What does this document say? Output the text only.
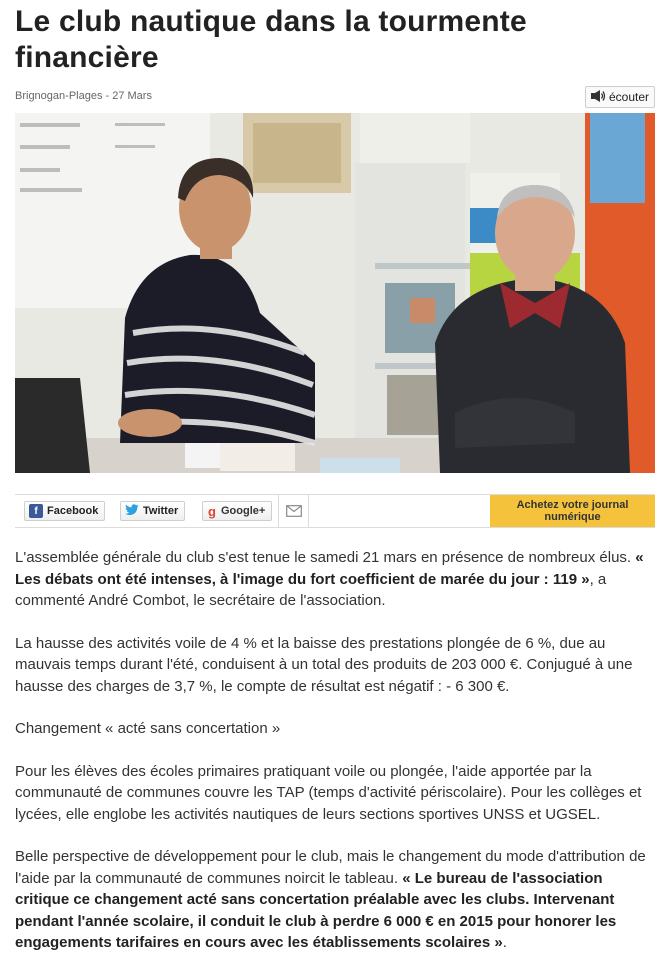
Le club nautique dans la tourmente financière
Brignogan-Plages - 27 Mars	écouter
f Facebook	Twitter g Google+	Achetez votre journal numérique

L'assemblée générale du club s'est tenue le samedi 21 mars en présence de nombreux élus. « Les débats ont été intenses, à l'image du fort coefficient de marée du jour : 119 », a commenté André Combot, le secrétaire de l'association.

La hausse des activités voile de 4 % et la baisse des prestations plongée de 6 %, due au mauvais temps durant l'été, conduisent à un total des produits de 203 000 €. Conjugué à une hausse des charges de 3,7 %, le compte de résultat est négatif : - 6 300 €.

Changement « acté sans concertation »

Pour les élèves des écoles primaires pratiquant voile ou plongée, l'aide apportée par la communauté de communes couvre les TAP (temps d'activité périscolaire). Pour les collèges et lycées, elle englobe les activités nautiques de leurs sections sportives UNSS et UGSEL.

Belle perspective de développement pour le club, mais le changement du mode d'attribution de l'aide par la communauté de communes noircit le tableau. « Le bureau de l'association critique ce changement acté sans concertation préalable avec les clubs. Intervenant pendant l'année scolaire, il conduit le club à perdre 6 000 € en 2015 pour honorer les engagements tarifaires en cours avec les établissements scolaires ».
